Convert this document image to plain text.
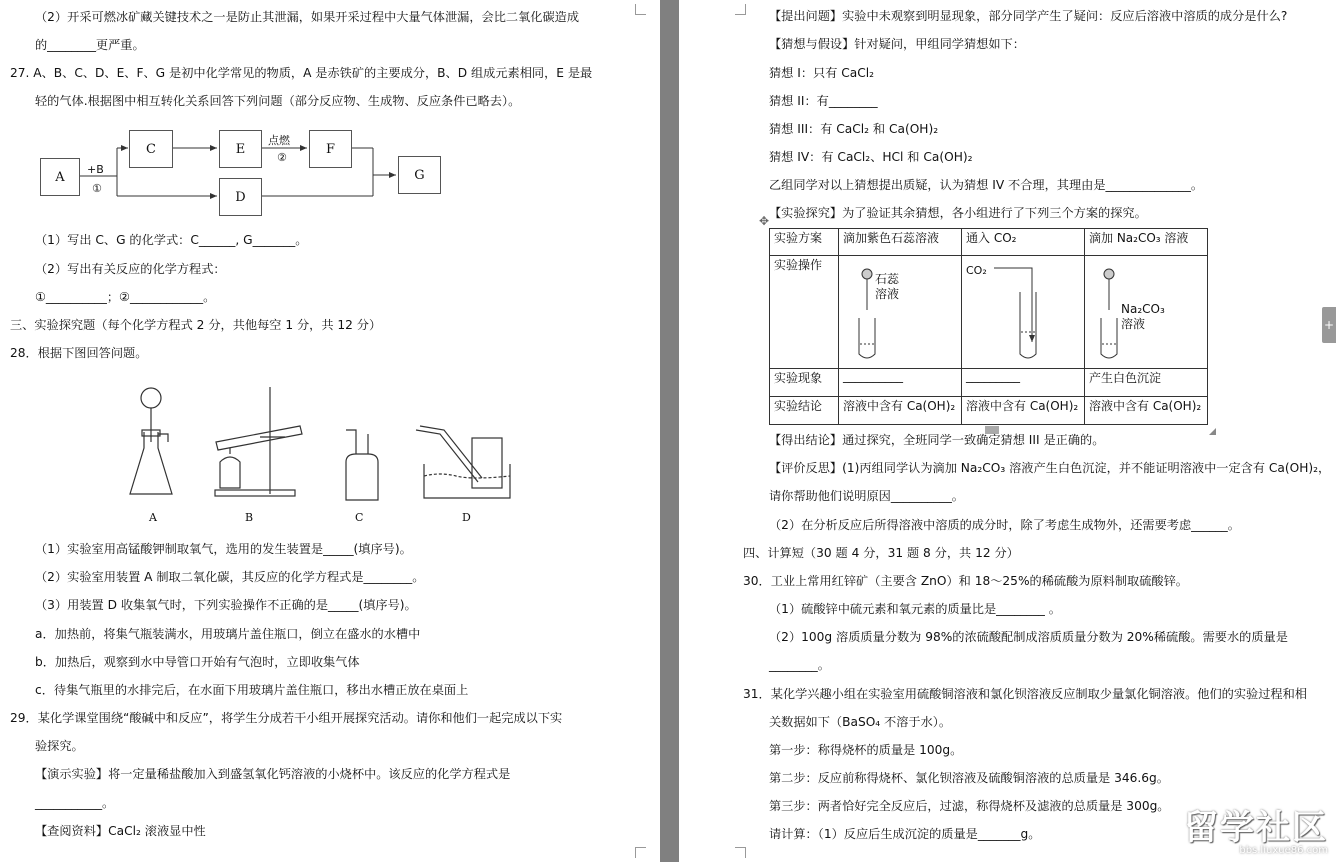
（2）开采可燃冰矿藏关键技术之一是防止其泄漏，如果开采过程中大量气体泄漏，会比二氧化碳造成
的________更严重。
27. A、B、C、D、E、F、G 是初中化学常见的物质，A 是赤铁矿的主要成分，B、D 组成元素相同，E 是最
轻的气体.根据图中相互转化关系回答下列问题（部分反应物、生成物、反应条件已略去）。
A
C	E	F
D
G
+B
①
点燃
②
（1）写出 C、G 的化学式：C______, G_______。
（2）写出有关反应的化学方程式：
①__________；②____________。
三、实验探究题（每个化学方程式 2 分，共他每空 1 分，共 12 分）
28．根据下图回答问题。
A	B	C	D
（1）实验室用高锰酸钾制取氧气，选用的发生装置是_____(填序号)。
（2）实验室用装置 A 制取二氧化碳，其反应的化学方程式是________。
（3）用装置 D 收集氧气时，下列实验操作不正确的是_____(填序号)。
a．加热前，将集气瓶装满水，用玻璃片盖住瓶口，倒立在盛水的水槽中
b．加热后，观察到水中导管口开始有气泡时，立即收集气体
c．待集气瓶里的水排完后，在水面下用玻璃片盖住瓶口，移出水槽正放在桌面上
29．某化学课堂围绕“酸碱中和反应”，将学生分成若干小组开展探究活动。请你和他们一起完成以下实
验探究。
【演示实验】将一定量稀盐酸加入到盛氢氧化钙溶液的小烧杯中。该反应的化学方程式是
___________。
【查阅资料】CaCl₂ 滚液显中性
【提出问题】实验中未观察到明显现象，部分同学产生了疑问：反应后溶液中溶质的成分是什么?
【猜想与假设】针对疑问，甲组同学猜想如下：
猜想 I：只有 CaCl₂
猜想 II：有________
猜想 III：有 CaCl₂ 和 Ca(OH)₂
猜想 IV：有 CaCl₂、HCl 和 Ca(OH)₂
乙组同学对以上猜想提出质疑，认为猜想 IV 不合理，其理由是______________。
✥
【实验探究】为了验证其余猜想，各小组进行了下列三个方案的探究。
实验方案	滴加紫色石蕊溶液	通入 CO₂	滴加 Na₂CO₃ 溶液
实验操作	石蕊溶液	CO₂	Na₂CO₃溶液

实验现象	__________	_________	产生白色沉淀
实验结论	溶液中含有 Ca(OH)₂	溶液中含有 Ca(OH)₂	溶液中含有 Ca(OH)₂
【得出结论】通过探究，全班同学一致确定猜想 III 是正确的。
【评价反思】(1)丙组同学认为滴加 Na₂CO₃ 溶液产生白色沉淀，并不能证明溶液中一定含有 Ca(OH)₂，
请你帮助他们说明原因__________。
（2）在分析反应后所得溶液中溶质的成分时，除了考虑生成物外，还需要考虑______。
四、计算短（30 题 4 分，31 题 8 分，共 12 分）
30．工业上常用红锌矿（主要含 ZnO）和 18～25%的稀硫酸为原料制取硫酸锌。
（1）硫酸锌中硫元素和氧元素的质量比是________ 。
（2）100g 溶质质量分数为 98%的浓硫酸配制成溶质质量分数为 20%稀硫酸。需要水的质量是
________。
31．某化学兴趣小组在实验室用硫酸铜溶液和氯化钡溶液反应制取少量氯化铜溶液。他们的实验过程和相
关数据如下（BaSO₄ 不溶于水）。
第一步：称得烧杯的质量是 100g。
第二步：反应前称得烧杯、氯化钡溶液及硫酸铜溶液的总质量是 346.6g。
第三步：两者恰好完全反应后，过滤，称得烧杯及滤液的总质量是 300g。
请计算：（1）反应后生成沉淀的质量是_______g。
+
留学社区
bbs.liuxue86.com
